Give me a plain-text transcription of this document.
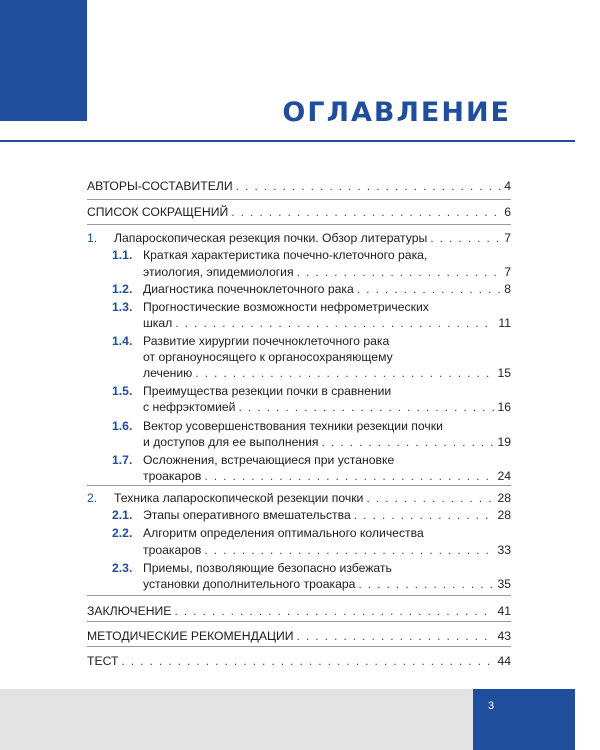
ОГЛАВЛЕНИЕ
АВТОРЫ-СОСТАВИТЕЛИ . . .	4
СПИСОК СОКРАЩЕНИЙ . . .	6
1. Лапароскопическая резекция почки. Обзор литературы . . .	7
1.1. Краткая характеристика почечно-клеточного рака,
этиология, эпидемиология . . .	7
1.2. Диагностика почечноклеточного рака . . .	8
1.3. Прогностические возможности нефрометрических
шкал . . .	11
1.4. Развитие хирургии почечноклеточного рака
от органоуносящего к органосохраняющему
лечению . . .	15
1.5. Преимущества резекции почки в сравнении
с нефрэктомией . . .	16
1.6. Вектор усовершенствования техники резекции почки
и доступов для ее выполнения . . .	19
1.7. Осложнения, встречающиеся при установке
троакаров . . .	24
2. Техника лапароскопической резекции почки . . .	28
2.1. Этапы оперативного вмешательства . . .	28
2.2. Алгоритм определения оптимального количества
троакаров . . .	33
2.3. Приемы, позволяющие безопасно избежать
установки дополнительного троакара . . .	35
ЗАКЛЮЧЕНИЕ . . .	41
МЕТОДИЧЕСКИЕ РЕКОМЕНДАЦИИ . . .	43
ТЕСТ . . .	44
3
